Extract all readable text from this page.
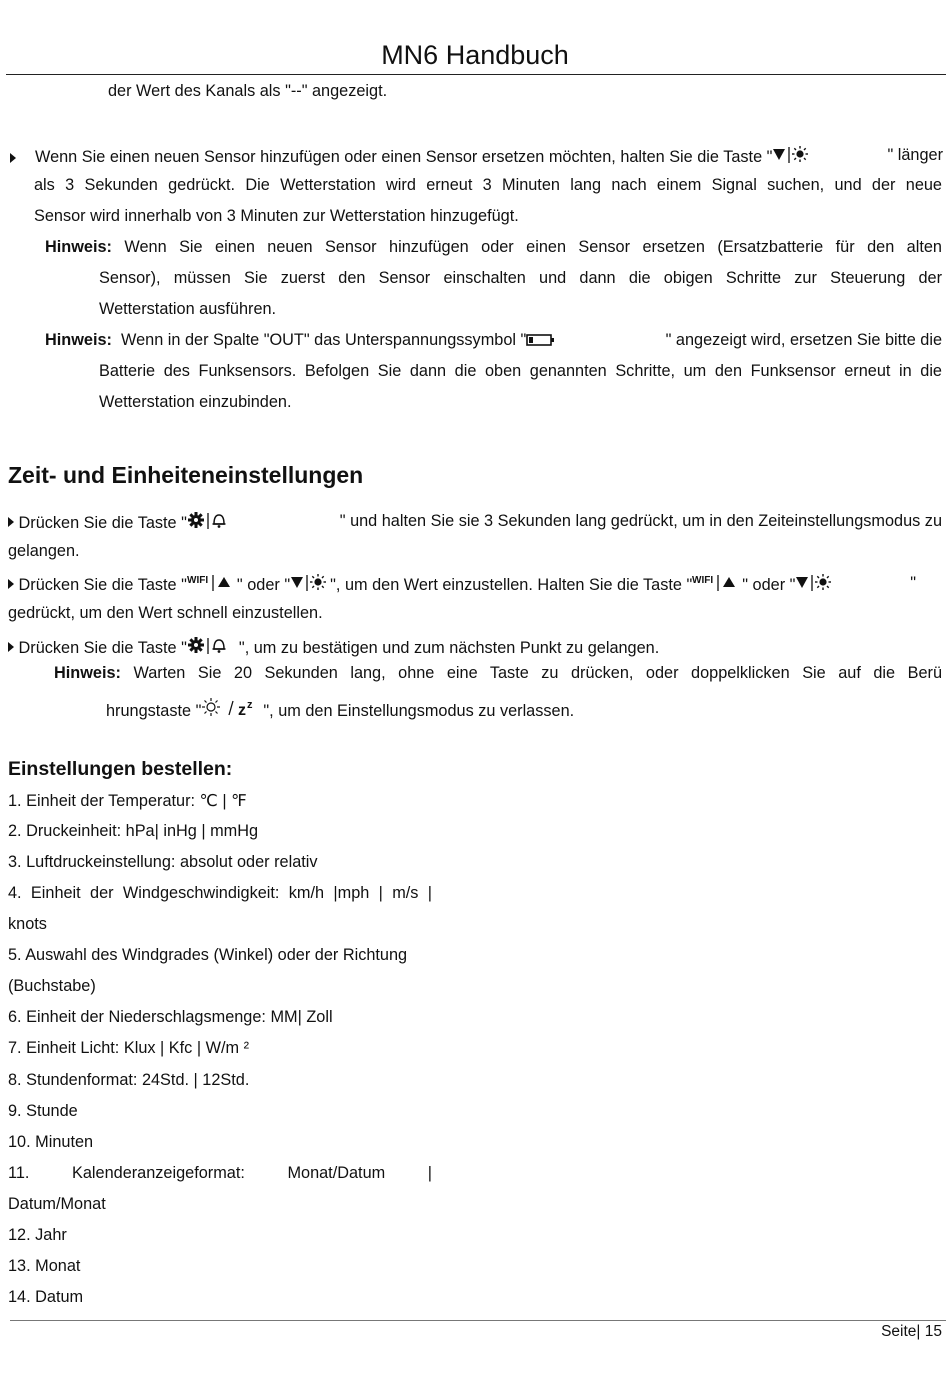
MN6 Handbuch
der Wert des Kanals als "--" angezeigt.
Wenn Sie einen neuen Sensor hinzufügen oder einen Sensor ersetzen möchten, halten Sie die Taste "	" länger
als 3 Sekunden gedrückt. Die Wetterstation wird erneut 3 Minuten lang nach einem Signal suchen, und der neue
Sensor wird innerhalb von 3 Minuten zur Wetterstation hinzugefügt.
Hinweis: Wenn Sie einen neuen Sensor hinzufügen oder einen Sensor ersetzen (Ersatzbatterie für den alten
Sensor), müssen Sie zuerst den Sensor einschalten und dann die obigen Schritte zur Steuerung der
Wetterstation ausführen.
Hinweis: Wenn in der Spalte "OUT" das Unterspannungssymbol "	" angezeigt wird, ersetzen Sie bitte die
Batterie des Funksensors. Befolgen Sie dann die oben genannten Schritte, um den Funksensor erneut in die
Wetterstation einzubinden.
Zeit- und Einheiteneinstellungen
Drücken Sie die Taste "	" und halten Sie sie 3 Sekunden lang gedrückt, um in den Zeiteinstellungsmodus zu
gelangen.
Drücken Sie die Taste " WIFI " oder " ", um den Wert einzustellen. Halten Sie die Taste " WIFI " oder "	"
gedrückt, um den Wert schnell einzustellen.
Drücken Sie die Taste "	", um zu bestätigen und zum nächsten Punkt zu gelangen.
Hinweis: Warten Sie 20 Sekunden lang, ohne eine Taste zu drücken, oder doppelklicken Sie auf die Berü
hrungstaste " z z ", um den Einstellungsmodus zu verlassen.
Einstellungen bestellen:
1. Einheit der Temperatur: ℃ | ℉
2. Druckeinheit: hPa| inHg | mmHg
3. Luftdruckeinstellung: absolut oder relativ
4. Einheit der Windgeschwindigkeit: km/h |mph | m/s |
knots
5. Auswahl des Windgrades (Winkel) oder der Richtung
(Buchstabe)
6. Einheit der Niederschlagsmenge: MM| Zoll
7. Einheit Licht: Klux | Kfc | W/m ²
8. Stundenformat: 24Std. | 12Std.
9. Stunde
10. Minuten
11. Kalenderanzeigeformat: Monat/Datum |
Datum/Monat
12. Jahr
13. Monat
14. Datum
Seite| 15
